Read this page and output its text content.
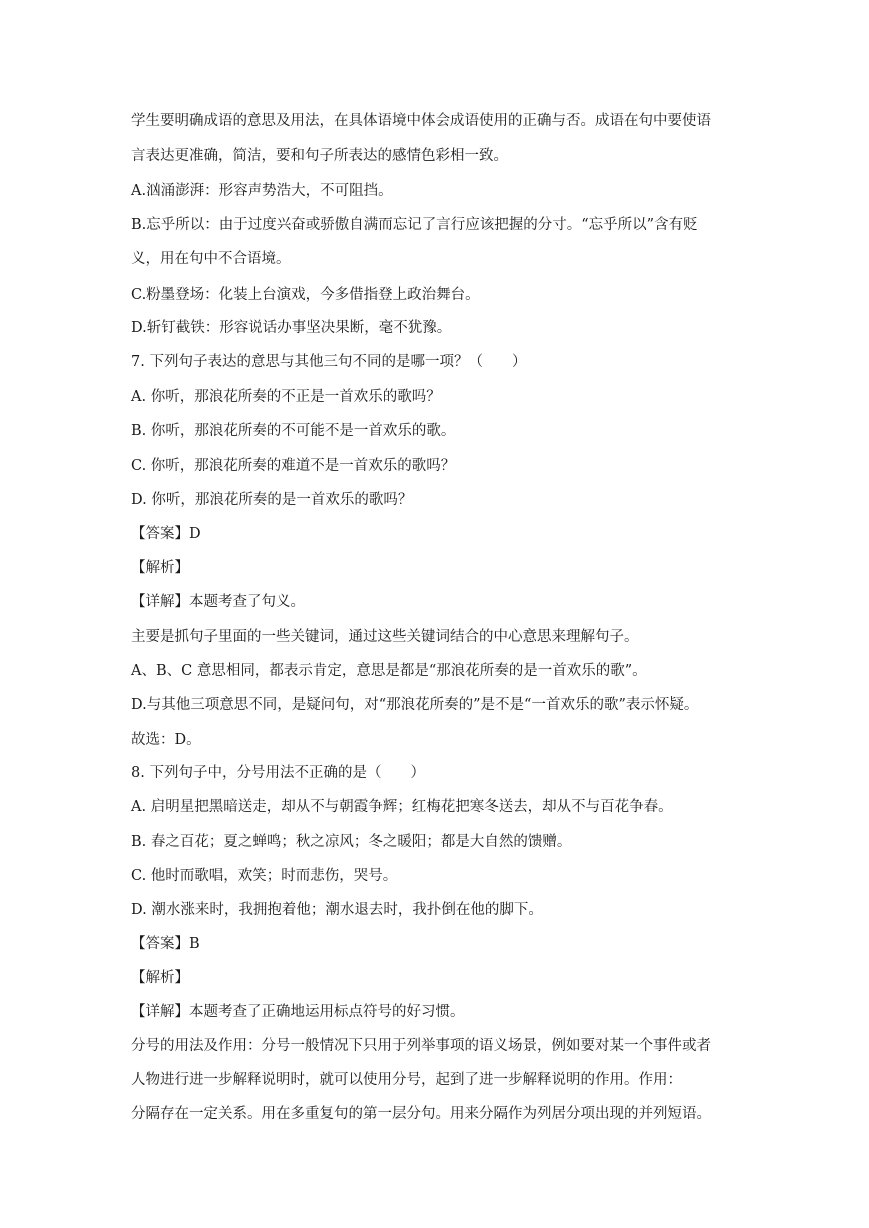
学生要明确成语的意思及用法，在具体语境中体会成语使用的正确与否。成语在句中要使语
言表达更准确，简洁，要和句子所表达的感情色彩相一致。
A.汹涌澎湃：形容声势浩大，不可阻挡。
B.忘乎所以：由于过度兴奋或骄傲自满而忘记了言行应该把握的分寸。“忘乎所以”含有贬
义，用在句中不合语境。
C.粉墨登场：化装上台演戏，今多借指登上政治舞台。
D.斩钉截铁：形容说话办事坚决果断，毫不犹豫。
7. 下列句子表达的意思与其他三句不同的是哪一项？（　　）
A. 你听，那浪花所奏的不正是一首欢乐的歌吗？
B. 你听，那浪花所奏的不可能不是一首欢乐的歌。
C. 你听，那浪花所奏的难道不是一首欢乐的歌吗？
D. 你听，那浪花所奏的是一首欢乐的歌吗？
【答案】D
【解析】
【详解】本题考查了句义。
主要是抓句子里面的一些关键词，通过这些关键词结合的中心意思来理解句子。
A、B、C 意思相同，都表示肯定，意思是都是“那浪花所奏的是一首欢乐的歌”。
D.与其他三项意思不同，是疑问句，对“那浪花所奏的”是不是“一首欢乐的歌”表示怀疑。
故选：D。
8. 下列句子中，分号用法不正确的是（　　）
A. 启明星把黑暗送走，却从不与朝霞争辉；红梅花把寒冬送去，却从不与百花争春。
B. 春之百花；夏之蝉鸣；秋之凉风；冬之暖阳；都是大自然的馈赠。
C. 他时而歌唱，欢笑；时而悲伤，哭号。
D. 潮水涨来时，我拥抱着他；潮水退去时，我扑倒在他的脚下。
【答案】B
【解析】
【详解】本题考查了正确地运用标点符号的好习惯。
分号的用法及作用：分号一般情况下只用于列举事项的语义场景，例如要对某一个事件或者
人物进行进一步解释说明时，就可以使用分号，起到了进一步解释说明的作用。作用：
分隔存在一定关系。用在多重复句的第一层分句。用来分隔作为列居分项出现的并列短语。
